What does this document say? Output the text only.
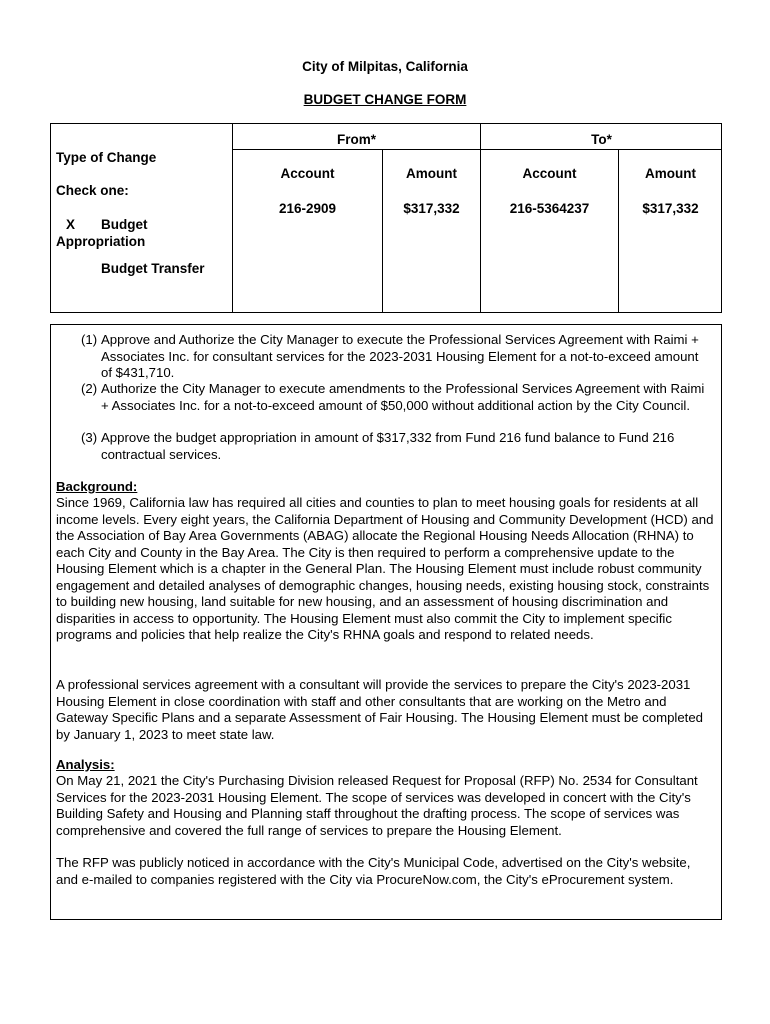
City of Milpitas, California
BUDGET CHANGE FORM
Type of Change
Check one:
X Budget
Appropriation
Budget Transfer
From*	To*
Account	Amount	Account	Amount
216-2909	$317,332	216-5364237	$317,332
(1) Approve and Authorize the City Manager to execute the Professional Services Agreement with Raimi + Associates Inc. for consultant services for the 2023-2031 Housing Element for a not-to-exceed amount of $431,710.
(2) Authorize the City Manager to execute amendments to the Professional Services Agreement with Raimi + Associates Inc. for a not-to-exceed amount of $50,000 without additional action by the City Council.
(3) Approve the budget appropriation in amount of $317,332 from Fund 216 fund balance to Fund 216 contractual services.
Background:
Since 1969, California law has required all cities and counties to plan to meet housing goals for residents at all income levels. Every eight years, the California Department of Housing and Community Development (HCD) and the Association of Bay Area Governments (ABAG) allocate the Regional Housing Needs Allocation (RHNA) to each City and County in the Bay Area. The City is then required to perform a comprehensive update to the Housing Element which is a chapter in the General Plan. The Housing Element must include robust community engagement and detailed analyses of demographic changes, housing needs, existing housing stock, constraints to building new housing, land suitable for new housing, and an assessment of housing discrimination and disparities in access to opportunity. The Housing Element must also commit the City to implement specific programs and policies that help realize the City's RHNA goals and respond to related needs.
A professional services agreement with a consultant will provide the services to prepare the City's 2023-2031 Housing Element in close coordination with staff and other consultants that are working on the Metro and Gateway Specific Plans and a separate Assessment of Fair Housing. The Housing Element must be completed by January 1, 2023 to meet state law.
Analysis:
On May 21, 2021 the City's Purchasing Division released Request for Proposal (RFP) No. 2534 for Consultant Services for the 2023-2031 Housing Element. The scope of services was developed in concert with the City's Building Safety and Housing and Planning staff throughout the drafting process. The scope of services was comprehensive and covered the full range of services to prepare the Housing Element.
The RFP was publicly noticed in accordance with the City's Municipal Code, advertised on the City's website, and e-mailed to companies registered with the City via ProcureNow.com, the City's eProcurement system.
